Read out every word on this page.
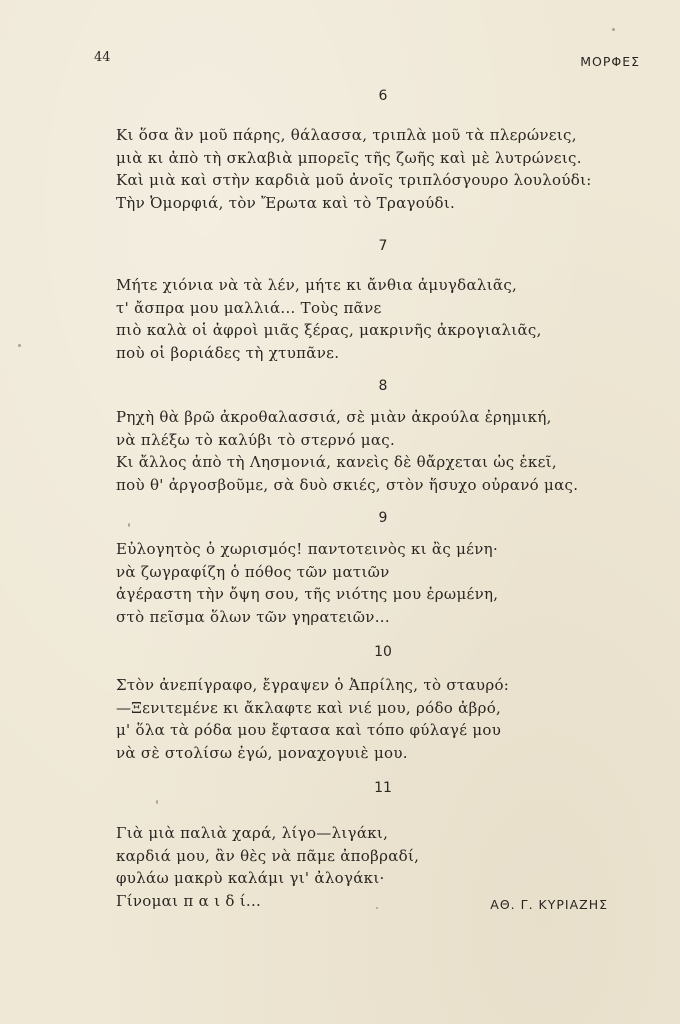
44	ΜΟΡΦΕΣ
6
Κι ὅσα ἂν μοῦ πάρης, θάλασσα, τριπλὰ μοῦ τὰ πλερώνεις,
μιὰ κι ἀπὸ τὴ σκλαβιὰ μπορεῖς τῆς ζωῆς καὶ μὲ λυτρώνεις.
Καὶ μιὰ καὶ στὴν καρδιὰ μοῦ ἀνοῖς τριπλόσγουρο λουλούδι:
Τὴν Ὀμορφιά, τὸν Ἔρωτα καὶ τὸ Τραγούδι.
7
Μήτε χιόνια νὰ τὰ λέν, μήτε κι ἄνθια ἀμυγδαλιᾶς,
τ' ἄσπρα μου μαλλιά... Τοὺς πᾶνε
πιὸ καλὰ οἱ ἀφροὶ μιᾶς ξέρας, μακρινῆς ἀκρογιαλιᾶς,
ποὺ οἱ βοριάδες τὴ χτυπᾶνε.
8
Ρηχὴ θὰ βρῶ ἀκροθαλασσιά, σὲ μιὰν ἀκρούλα ἐρημική,
νὰ πλέξω τὸ καλύβι τὸ στερνό μας.
Κι ἄλλος ἀπὸ τὴ Λησμονιά, κανεὶς δὲ θἄρχεται ὡς ἐκεῖ,
ποὺ θ' ἀργοσβοῦμε, σὰ δυὸ σκιές, στὸν ἥσυχο οὐρανό μας.
9
Εὐλογητὸς ὁ χωρισμός! παντοτεινὸς κι ἂς μένη·
νὰ ζωγραφίζη ὁ πόθος τῶν ματιῶν
ἀγέραστη τὴν ὄψη σου, τῆς νιότης μου ἐρωμένη,
στὸ πεῖσμα ὅλων τῶν γηρατειῶν...
10
Στὸν ἀνεπίγραφο, ἔγραψεν ὁ Ἀπρίλης, τὸ σταυρό:
—Ξενιτεμένε κι ἄκλαφτε καὶ νιέ μου, ρόδο ἀβρό,
μ' ὅλα τὰ ρόδα μου ἔφτασα καὶ τόπο φύλαγέ μου
νὰ σὲ στολίσω ἐγώ, μοναχογυιὲ μου.
11
Γιὰ μιὰ παλιὰ χαρά, λίγο—λιγάκι,
καρδιά μου, ἂν θὲς νὰ πᾶμε ἀποβραδί,
φυλάω μακρὺ καλάμι γι' ἀλογάκι·
Γίνομαι π α ι δ ί...	ΑΘ. Γ. ΚΥΡΙΑΖΗΣ
